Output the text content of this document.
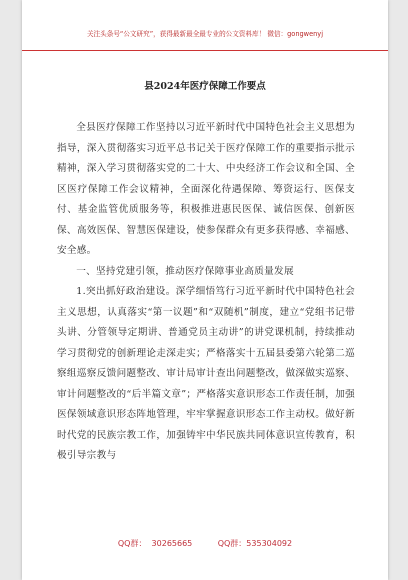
关注头条号“公文研究”，获得最新最全最专业的公文资料库！ 微信：gongwenyj
县2024年医疗保障工作要点

全县医疗保障工作坚持以习近平新时代中国特色社会主义思想为指导，深入贯彻落实习近平总书记关于医疗保障工作的重要指示批示精神，深入学习贯彻落实党的二十大、中央经济工作会议和全国、全区医疗保障工作会议精神，全面深化待遇保障、筹资运行、医保支付、基金监管优质服务等，积极推进惠民医保、诚信医保、创新医保、高效医保、智慧医保建设，使参保群众有更多获得感、幸福感、安全感。

一、坚持党建引领，推动医疗保障事业高质量发展

1.突出抓好政治建设。深学细悟笃行习近平新时代中国特色社会主义思想，认真落实“第一议题”和“双随机”制度，建立“党组书记带头讲、分管领导定期讲、普通党员主动讲”的讲党课机制，持续推动学习贯彻党的创新理论走深走实；严格落实十五届县委第六轮第二巡察组巡察反馈问题整改、审计局审计查出问题整改，做深做实巡察、审计问题整改的“后半篇文章”；严格落实意识形态工作责任制，加强医保领域意识形态阵地管理，牢牢掌握意识形态工作主动权。做好新时代党的民族宗教工作，加强铸牢中华民族共同体意识宣传教育，积极引导宗教与

QQ群：  30265665          QQ群：535304092
